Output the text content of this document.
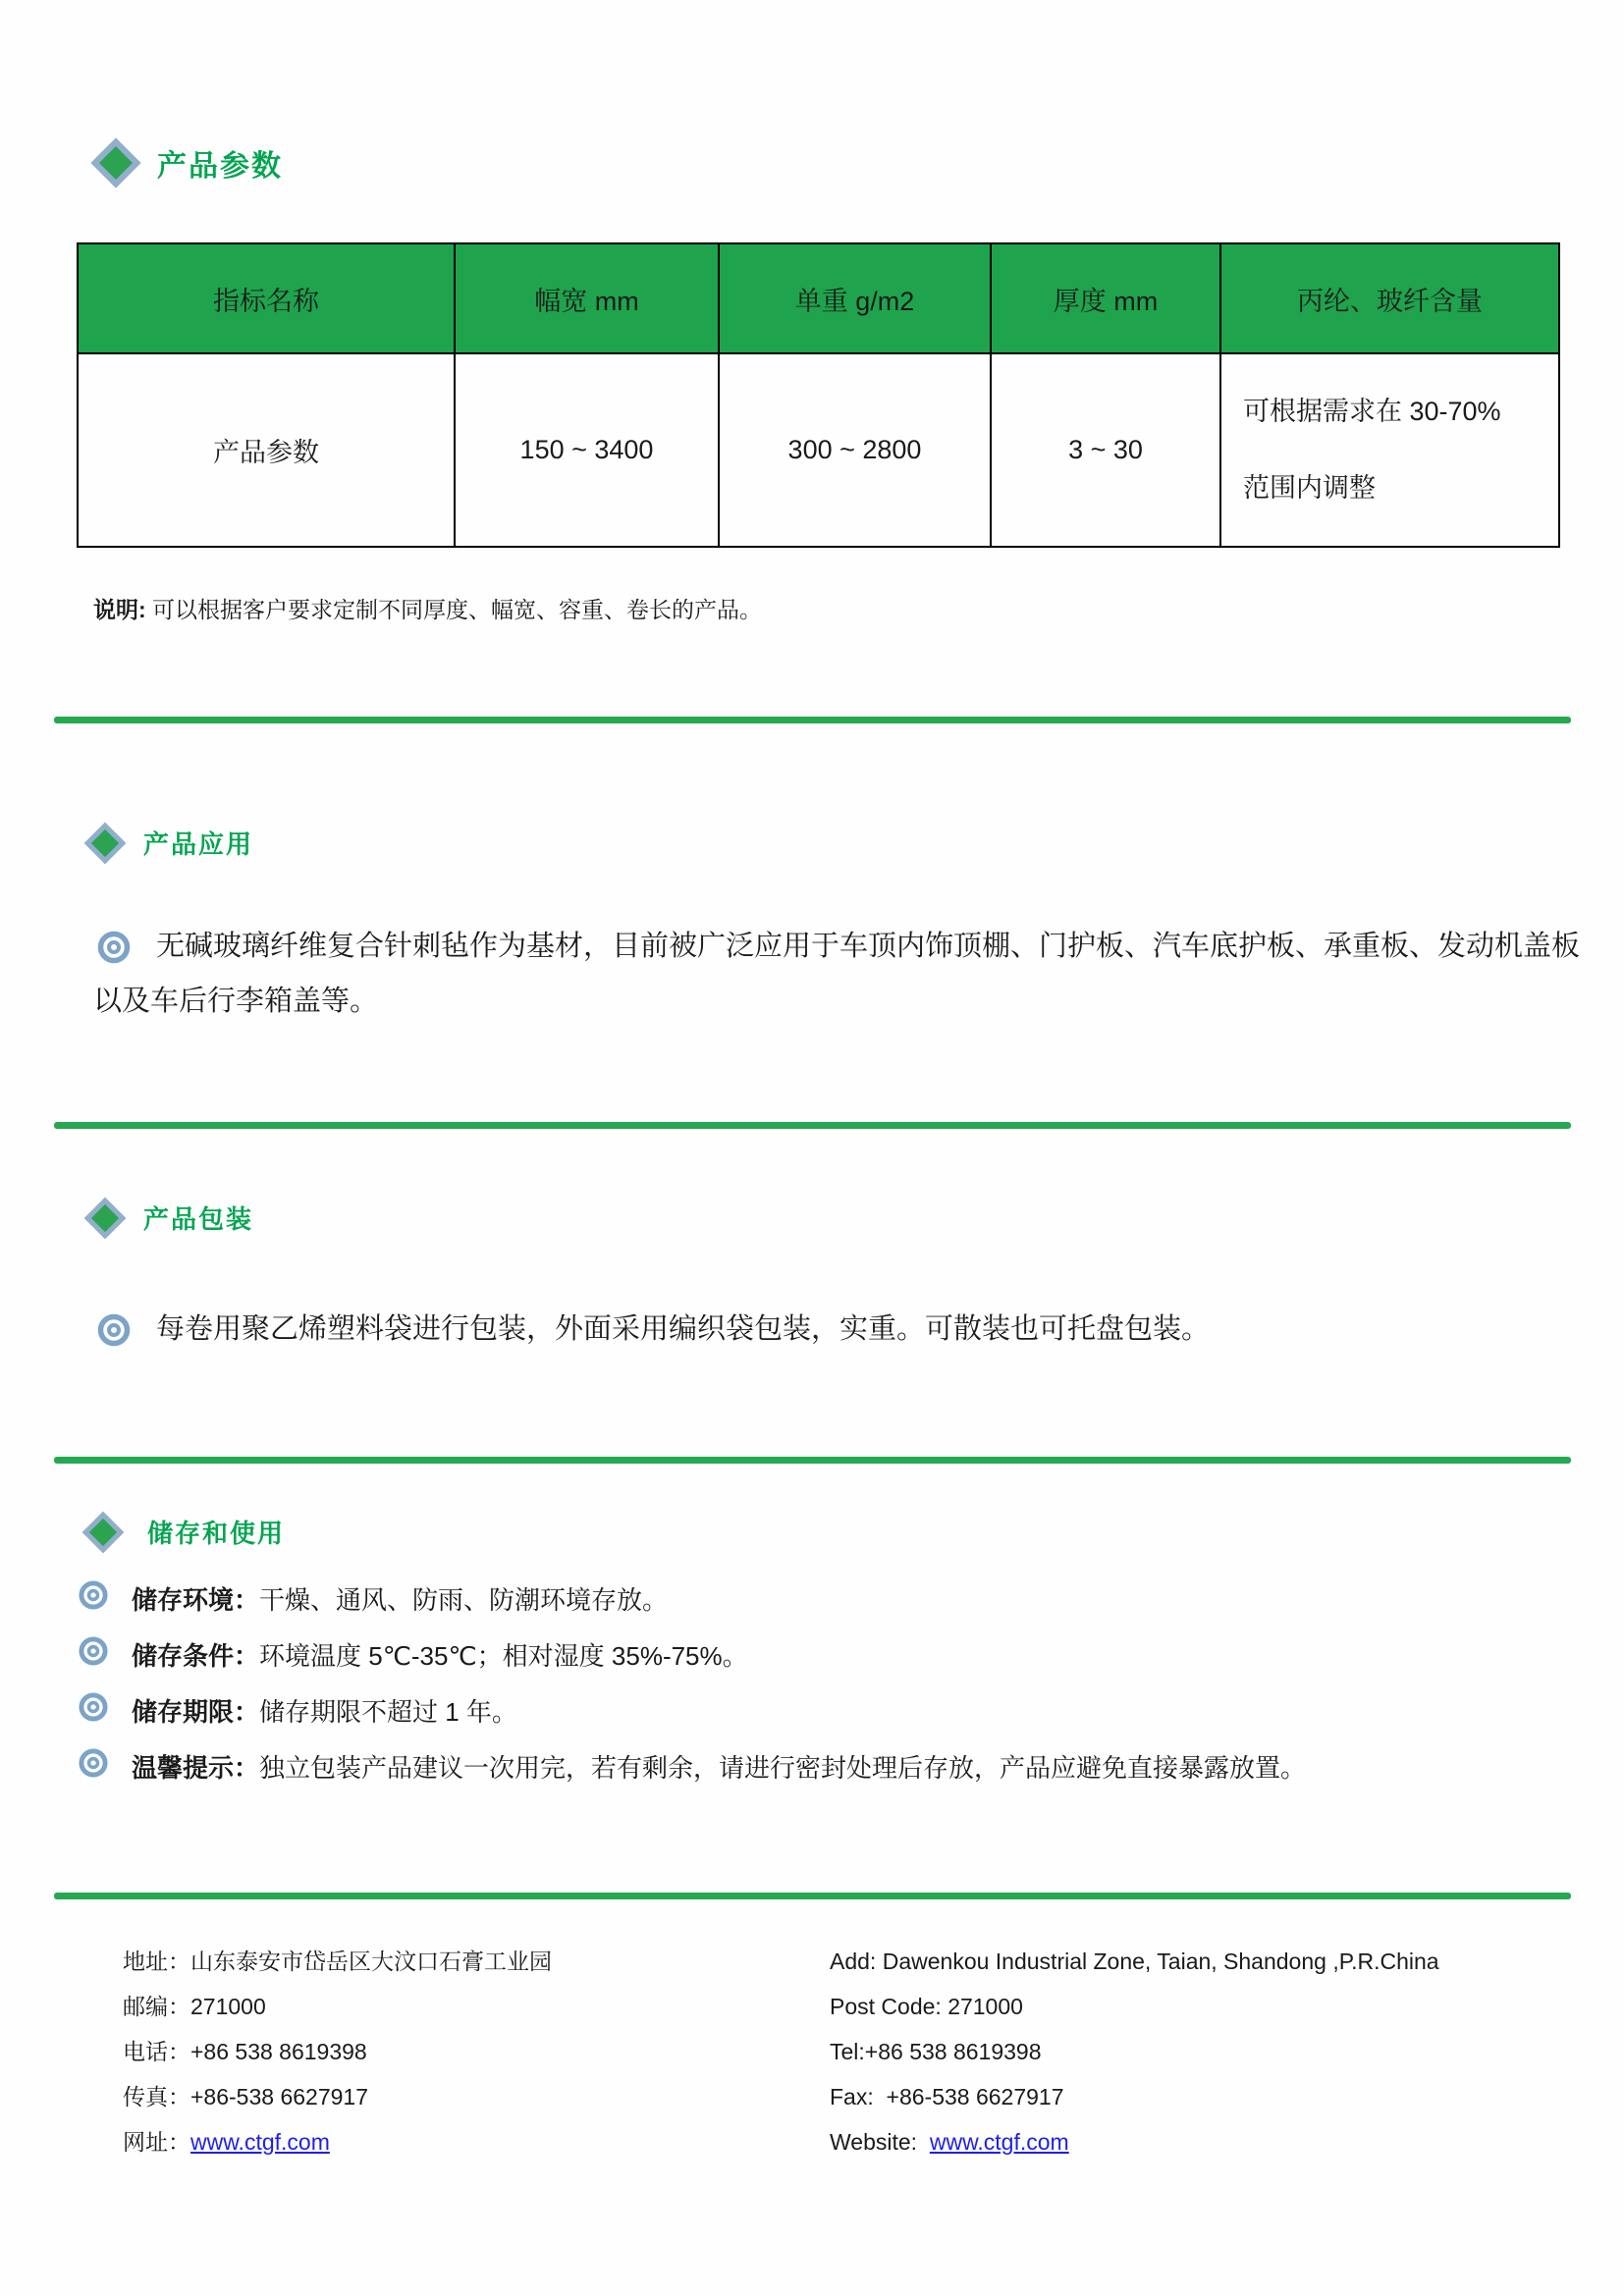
产品参数
指标名称	幅宽 mm	单重 g/m2	厚度 mm	丙纶、玻纤含量
产品参数	150 ~ 3400	300 ~ 2800	3 ~ 30	可根据需求在 30-70%
范围内调整
说明: 可以根据客户要求定制不同厚度、幅宽、容重、卷长的产品。
产品应用
无碱玻璃纤维复合针刺毡作为基材，目前被广泛应用于车顶内饰顶棚、门护板、汽车底护板、承重板、发动机盖板以及车后行李箱盖等。
产品包装
每卷用聚乙烯塑料袋进行包装，外面采用编织袋包装，实重。可散装也可托盘包装。
储存和使用
储存环境：干燥、通风、防雨、防潮环境存放。
储存条件：环境温度 5℃-35℃；相对湿度 35%-75%。
储存期限：储存期限不超过 1 年。
温馨提示：独立包装产品建议一次用完，若有剩余，请进行密封处理后存放，产品应避免直接暴露放置。
地址：山东泰安市岱岳区大汶口石膏工业园
邮编：271000
电话：+86 538 8619398
传真：+86-538 6627917
网址：www.ctgf.com
Add: Dawenkou Industrial Zone, Taian, Shandong ,P.R.China
Post Code: 271000
Tel:+86 538 8619398
Fax: +86-538 6627917
Website: www.ctgf.com
